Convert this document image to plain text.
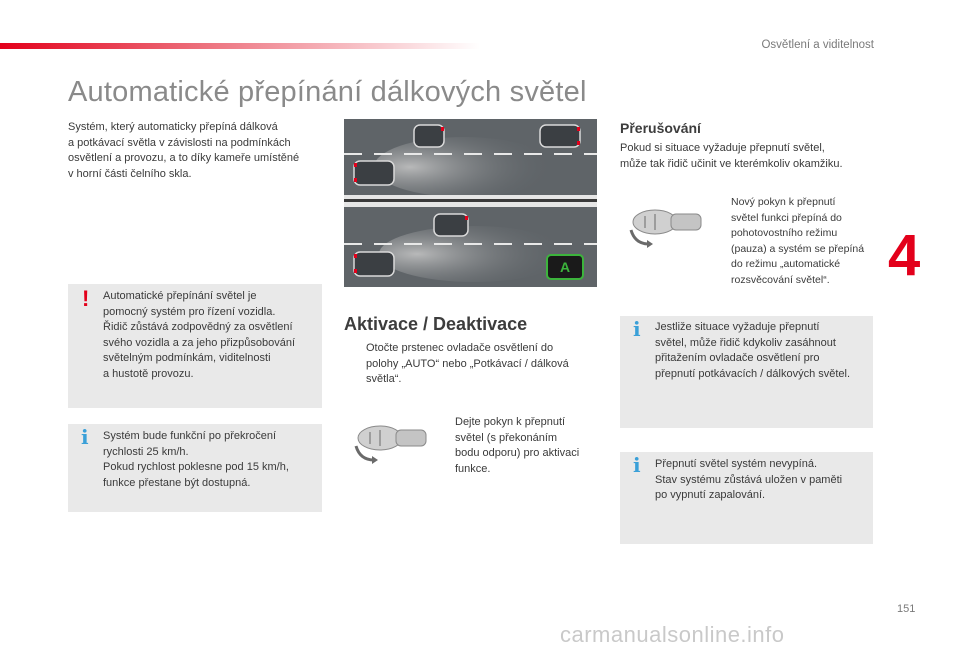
Osvětlení a viditelnost
Automatické přepínání dálkových světel
4
Systém, který automaticky přepíná dálková
a potkávací světla v závislosti na podmínkách
osvětlení a provozu, a to díky kameře umístěné
v horní části čelního skla.
! Automatické přepínání světel je
pomocný systém pro řízení vozidla.
Řidič zůstává zodpovědný za osvětlení
svého vozidla a za jeho přizpůsobování
světelným podmínkám, viditelnosti
a hustotě provozu.
i Systém bude funkční po překročení
rychlosti 25 km/h.
Pokud rychlost poklesne pod 15 km/h,
funkce přestane být dostupná.
A
Aktivace / Deaktivace
Otočte prstenec ovladače osvětlení do
polohy „AUTO“ nebo „Potkávací / dálková
světla“.
Dejte pokyn k přepnutí
světel (s překonáním
bodu odporu) pro aktivaci
funkce.
Přerušování
Pokud si situace vyžaduje přepnutí světel,
může tak řidič učinit ve kterémkoliv okamžiku.
Nový pokyn k přepnutí
světel funkci přepíná do
pohotovostního režimu
(pauza) a systém se přepíná
do režimu „automatické
rozsvěcování světel“.
i Jestliže situace vyžaduje přepnutí
světel, může řidič kdykoliv zasáhnout
přitažením ovladače osvětlení pro
přepnutí potkávacích / dálkových světel.
i Přepnutí světel systém nevypíná.
Stav systému zůstává uložen v paměti
po vypnutí zapalování.
151
carmanualsonline.info
